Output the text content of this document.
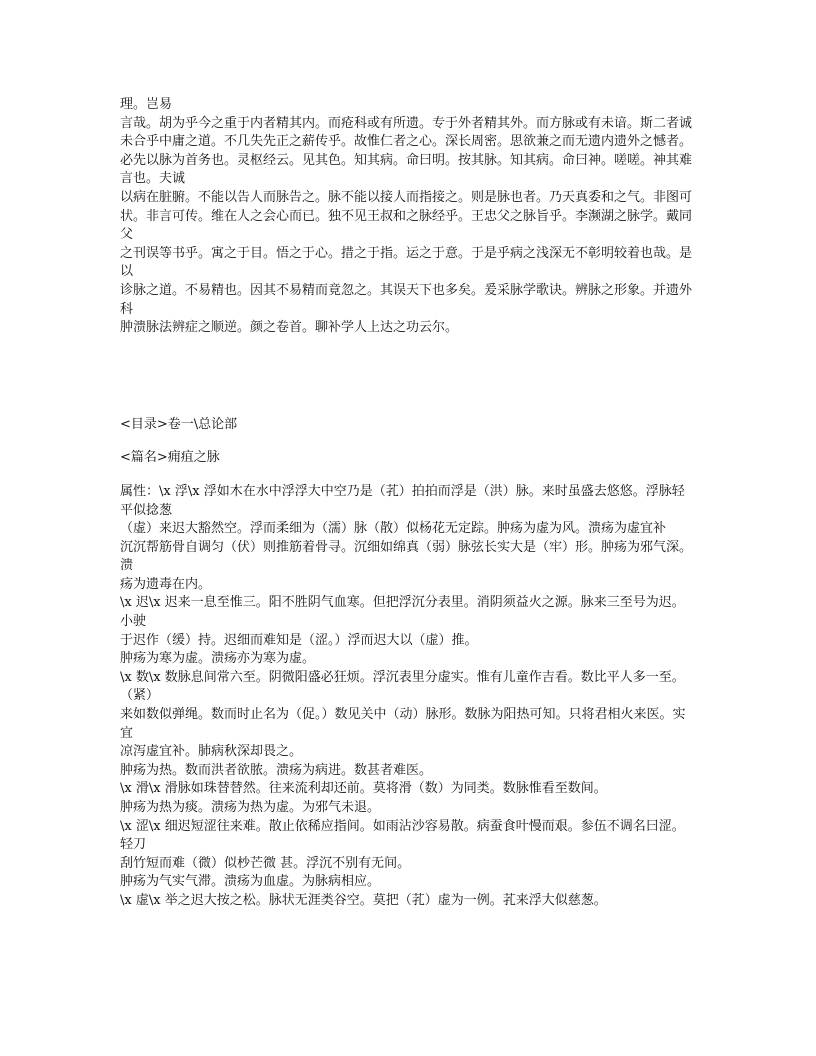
理。岂易

言哉。胡为乎今之重于内者精其内。而疮科或有所遗。专于外者精其外。而方脉或有未谙。斯二者诚

未合乎中庸之道。不几失先正之薪传乎。故惟仁者之心。深长周密。思欲兼之而无遗内遗外之憾者。

必先以脉为首务也。灵枢经云。见其色。知其病。命曰明。按其脉。知其病。命曰神。嗟嗟。神其难言也。夫诚

以病在脏腑。不能以告人而脉告之。脉不能以接人而指接之。则是脉也者。乃天真委和之气。非图可

状。非言可传。维在人之会心而已。独不见王叔和之脉经乎。王忠父之脉旨乎。李濒湖之脉学。戴同父

之刊误等书乎。寓之于目。悟之于心。措之于指。运之于意。于是乎病之浅深无不彰明较着也哉。是以

诊脉之道。不易精也。因其不易精而竟忽之。其误天下也多矣。爰采脉学歌诀。辨脉之形象。并遗外科

肿溃脉法辨症之顺逆。颜之卷首。聊补学人上达之功云尔。

<目录>卷一\总论部

<篇名>痈疽之脉

属性：\x 浮\x 浮如木在水中浮浮大中空乃是（芤）拍拍而浮是（洪）脉。来时虽盛去悠悠。浮脉轻平似捻葱

（虚）来迟大豁然空。浮而柔细为（濡）脉（散）似杨花无定踪。肿疡为虚为风。溃疡为虚宜补

沉沉帮筋骨自调匀（伏）则推筋着骨寻。沉细如绵真（弱）脉弦长实大是（牢）形。肿疡为邪气深。溃

疡为遗毒在内。

\x 迟\x 迟来一息至惟三。阳不胜阴气血寒。但把浮沉分表里。消阴须益火之源。脉来三至号为迟。小驶

于迟作（缓）持。迟细而难知是（涩。）浮而迟大以（虚）推。

肿疡为寒为虚。溃疡亦为寒为虚。

\x 数\x 数脉息间常六至。阴微阳盛必狂烦。浮沉表里分虚实。惟有儿童作吉看。数比平人多一至。（紧）

来如数似弹绳。数而时止名为（促。）数见关中（动）脉形。数脉为阳热可知。只将君相火来医。实宜

凉泻虚宜补。肺病秋深却畏之。

肿疡为热。数而洪者欲脓。溃疡为病进。数甚者难医。

\x 滑\x 滑脉如珠替替然。往来流利却还前。莫将滑（数）为同类。数脉惟看至数间。

肿疡为热为痰。溃疡为热为虚。为邪气未退。

\x 涩\x 细迟短涩往来难。散止依稀应指间。如雨沾沙容易散。病蚕食叶慢而艰。参伍不调名曰涩。轻刀

刮竹短而难（微）似杪芒微 甚。浮沉不别有无间。

肿疡为气实气滞。溃疡为血虚。为脉病相应。

\x 虚\x 举之迟大按之松。脉状无涯类谷空。莫把（芤）虚为一例。芤来浮大似慈葱。
